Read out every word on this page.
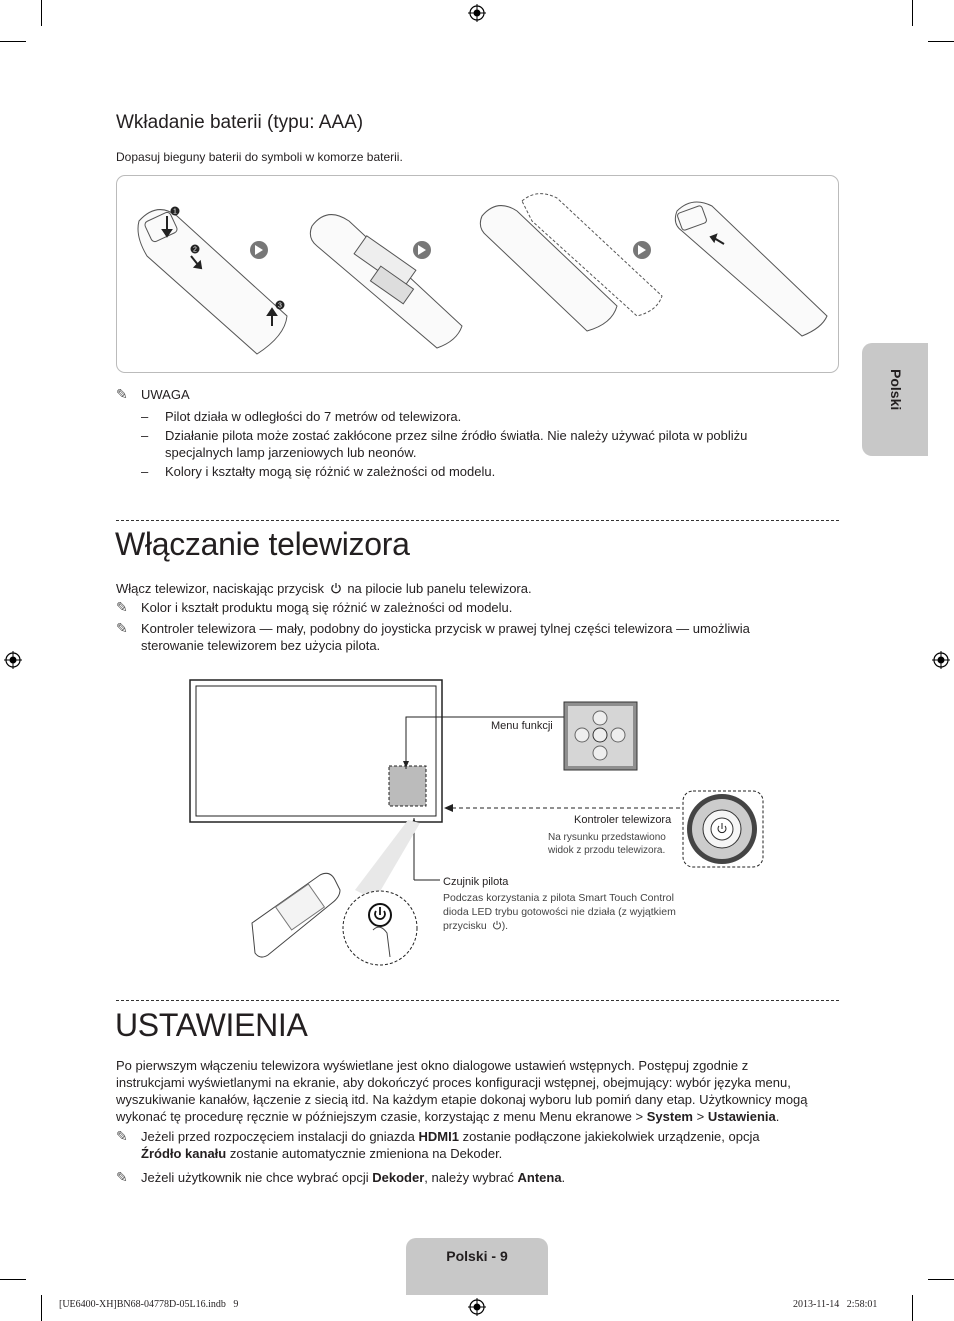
Wkładanie baterii (typu: AAA)
Dopasuj bieguny baterii do symboli w komorze baterii.
1
2
3
✎ UWAGA
– Pilot działa w odległości do 7 metrów od telewizora.
– Działanie pilota może zostać zakłócone przez silne źródło światła. Nie należy używać pilota w pobliżu
specjalnych lamp jarzeniowych lub neonów.
– Kolory i kształty mogą się różnić w zależności od modelu.
Włączanie telewizora
Włącz telewizor, naciskając przycisk na pilocie lub panelu telewizora.
✎ Kolor i kształt produktu mogą się różnić w zależności od modelu.
✎ Kontroler telewizora — mały, podobny do joysticka przycisk w prawej tylnej części telewizora — umożliwia
sterowanie telewizorem bez użycia pilota.
Menu funkcji
Kontroler telewizora
Na rysunku przedstawiono
widok z przodu telewizora.
Czujnik pilota
Podczas korzystania z pilota Smart Touch Control
dioda LED trybu gotowości nie działa (z wyjątkiem
przycisku ).
USTAWIENIA
Po pierwszym włączeniu telewizora wyświetlane jest okno dialogowe ustawień wstępnych. Postępuj zgodnie z
instrukcjami wyświetlanymi na ekranie, aby dokończyć proces konfiguracji wstępnej, obejmujący: wybór języka menu,
wyszukiwanie kanałów, łączenie z siecią itd. Na każdym etapie dokonaj wyboru lub pomiń dany etap. Użytkownicy mogą
wykonać tę procedurę ręcznie w późniejszym czasie, korzystając z menu Menu ekranowe > System > Ustawienia.
✎ Jeżeli przed rozpoczęciem instalacji do gniazda HDMI1 zostanie podłączone jakiekolwiek urządzenie, opcja
Źródło kanału zostanie automatycznie zmieniona na Dekoder.
✎ Jeżeli użytkownik nie chce wybrać opcji Dekoder, należy wybrać Antena.
Polski
Polski - 9
[UE6400-XH]BN68-04778D-05L16.indb   9	2013-11-14   2:58:01
